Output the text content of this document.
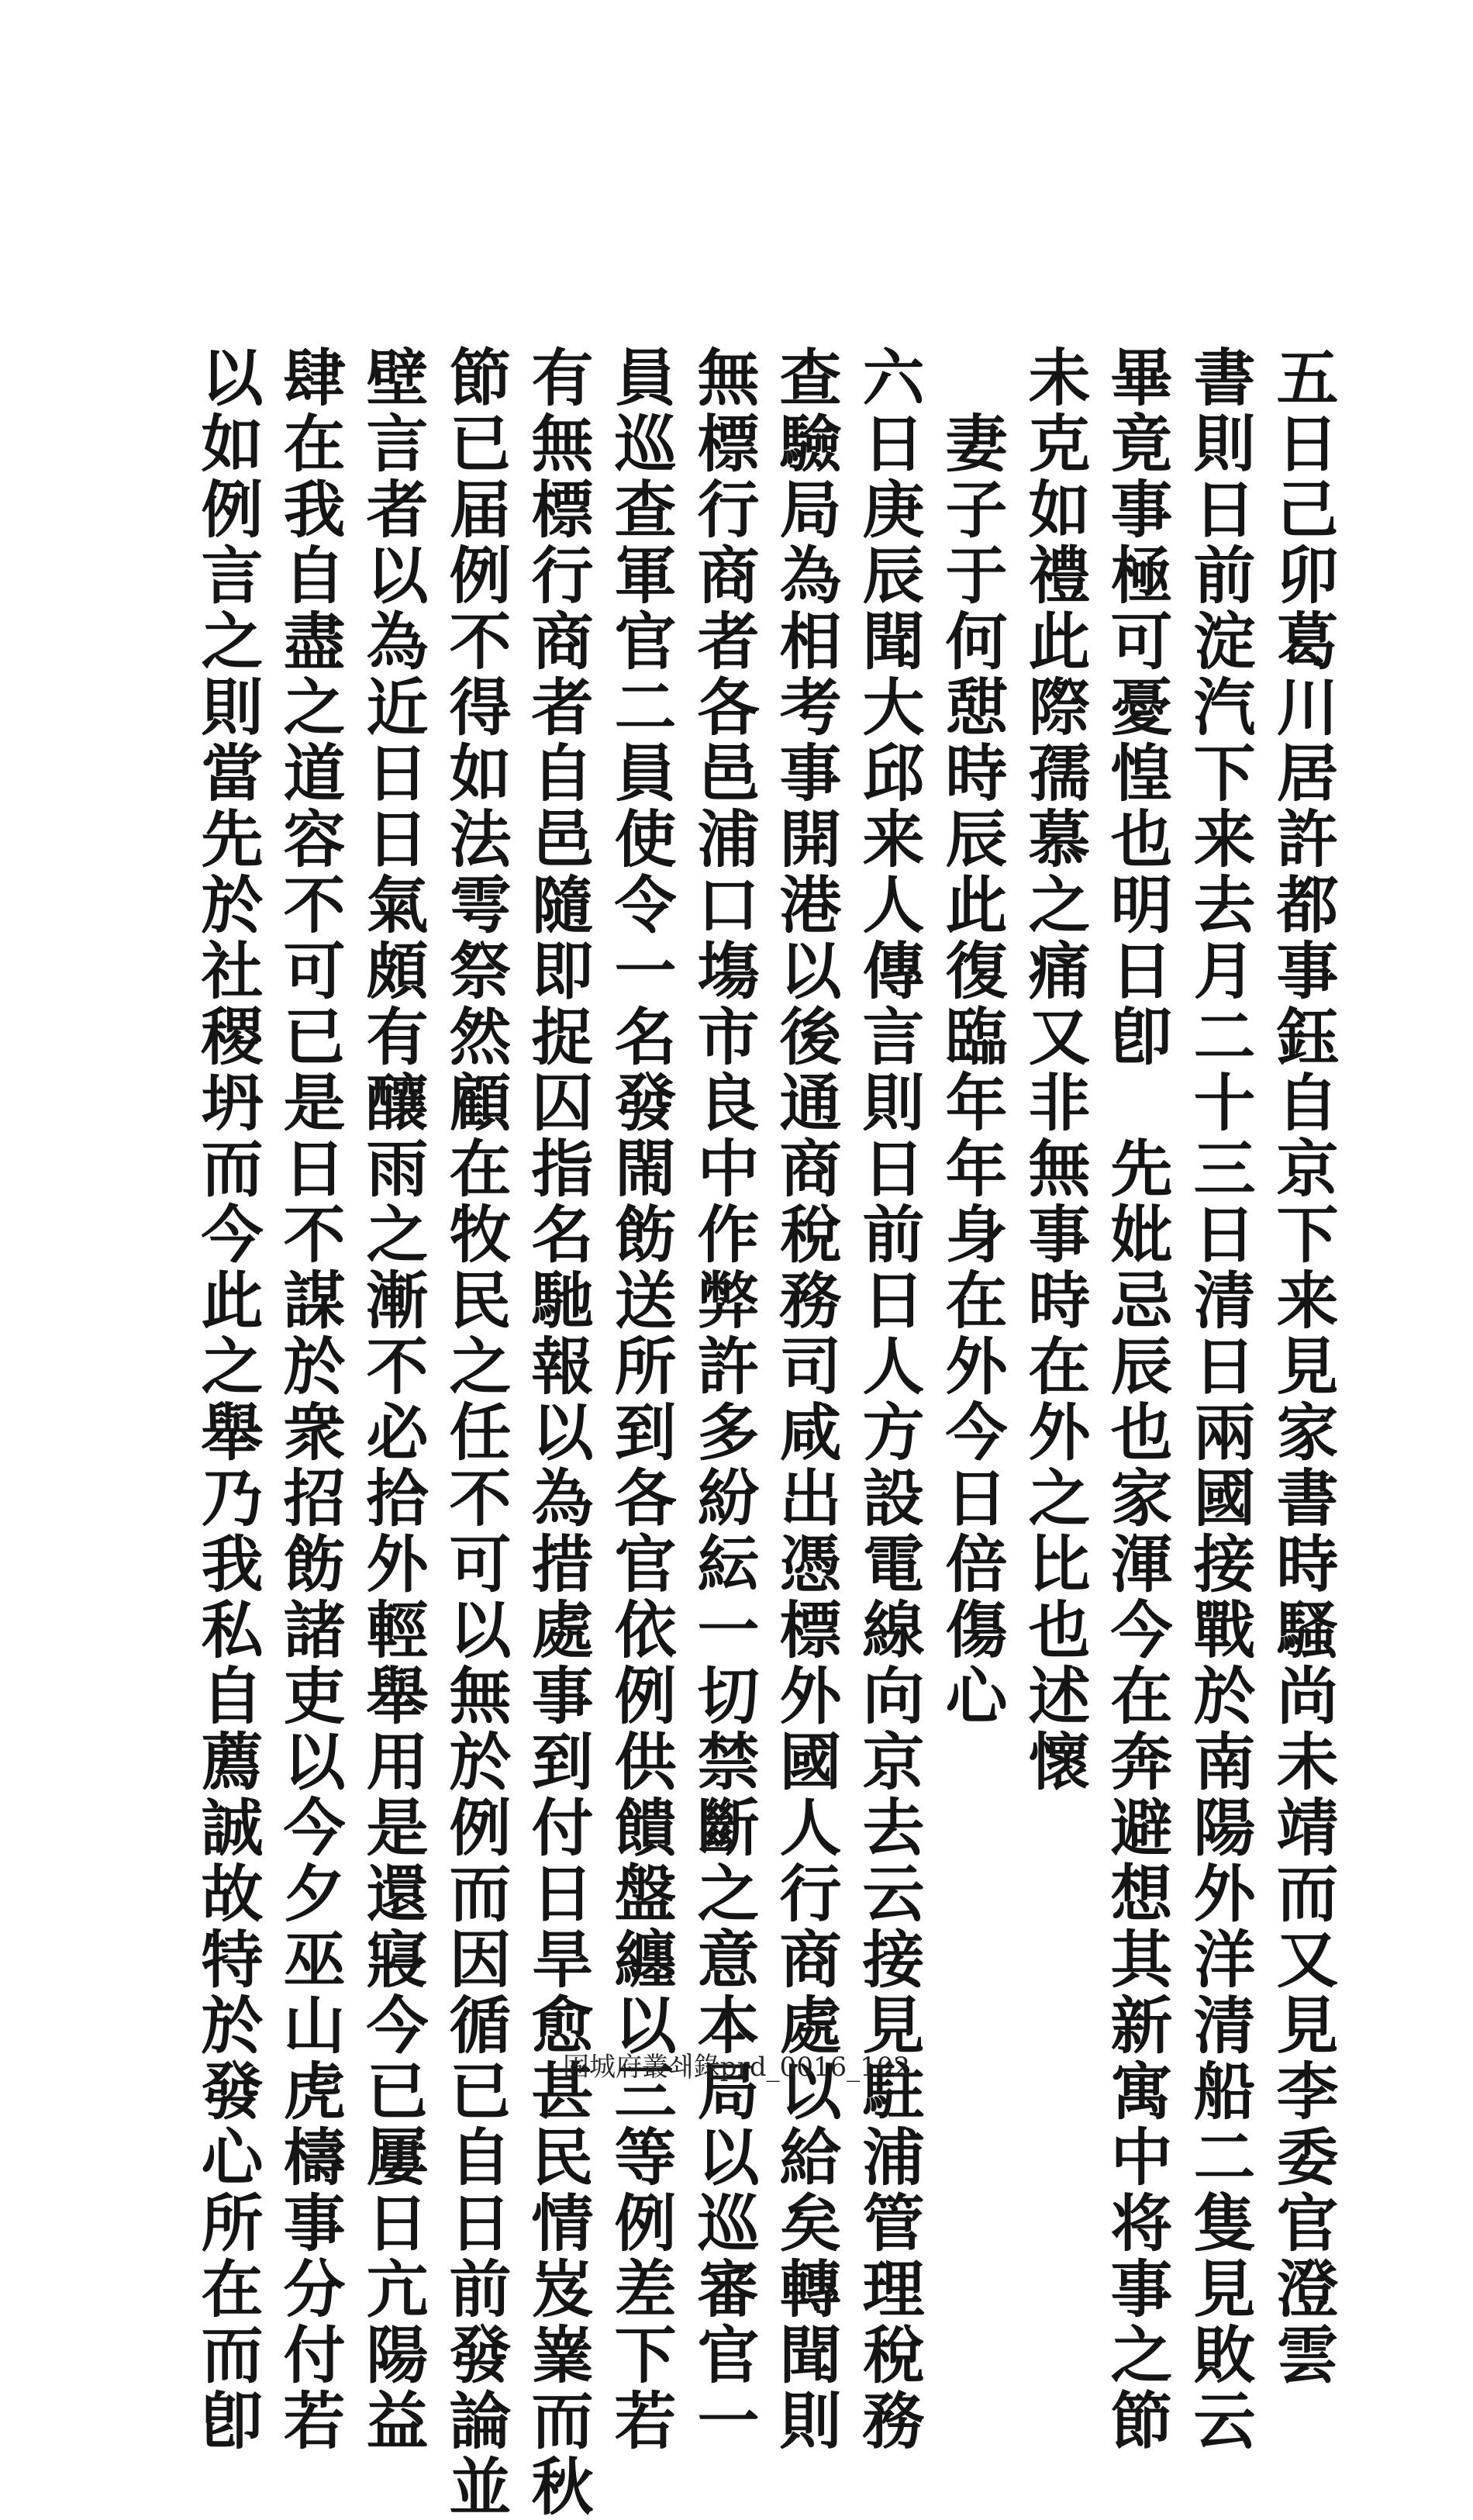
五日己卯葛川居許都事鈺自京下来見家書時騷尚未靖而又見李委官澄雲
書則日前淀汽下来去月二十三日清日兩國接戰於南陽外洋清船二隻見敗云
畢竟事極可憂惶也明日卽　先妣忌辰也家渾今在奔避想其新寓中将事之節
未克如禮此際孺慕之痛又非無事時在外之比也述懷
妻子于何憇時辰此復臨年年身在外今日倍傷心
六日庚辰聞大邱来人傳言則日前日人方設電線向京去云接見駐浦管理稅務
查驗局為相考事開港以後通商稅務司咸出憑標外國人行商處以給矣轉聞則
無標行商者各邑浦口塲市良中作弊許多紛紜一切禁斷之意本局以巡審官一
員巡查軍官二員使令一名發閙飭送所到各官依例供饋盤纏以三等例差下若
有無標行商者自邑隨即捉囚指名馳報以為措處事到付日旱愈甚民情岌嶪而秋
節已届例不得如法雩祭然顧在牧民之任不可以無於例而因循已自日前發論並
壁言者以為近日日氣頗有釀雨之漸不必拾外輕舉用是還寢今已屢日亢陽益
肆在我自盡之道容不可已是日不謀於衆招飭諸吏以今夕巫山虎檮事分付若
以如例言之則當先於社稷坍而今此之舉乃我私自薦誠故特於發心所在而卽	固城府叢쇄錄prd_0016_102
